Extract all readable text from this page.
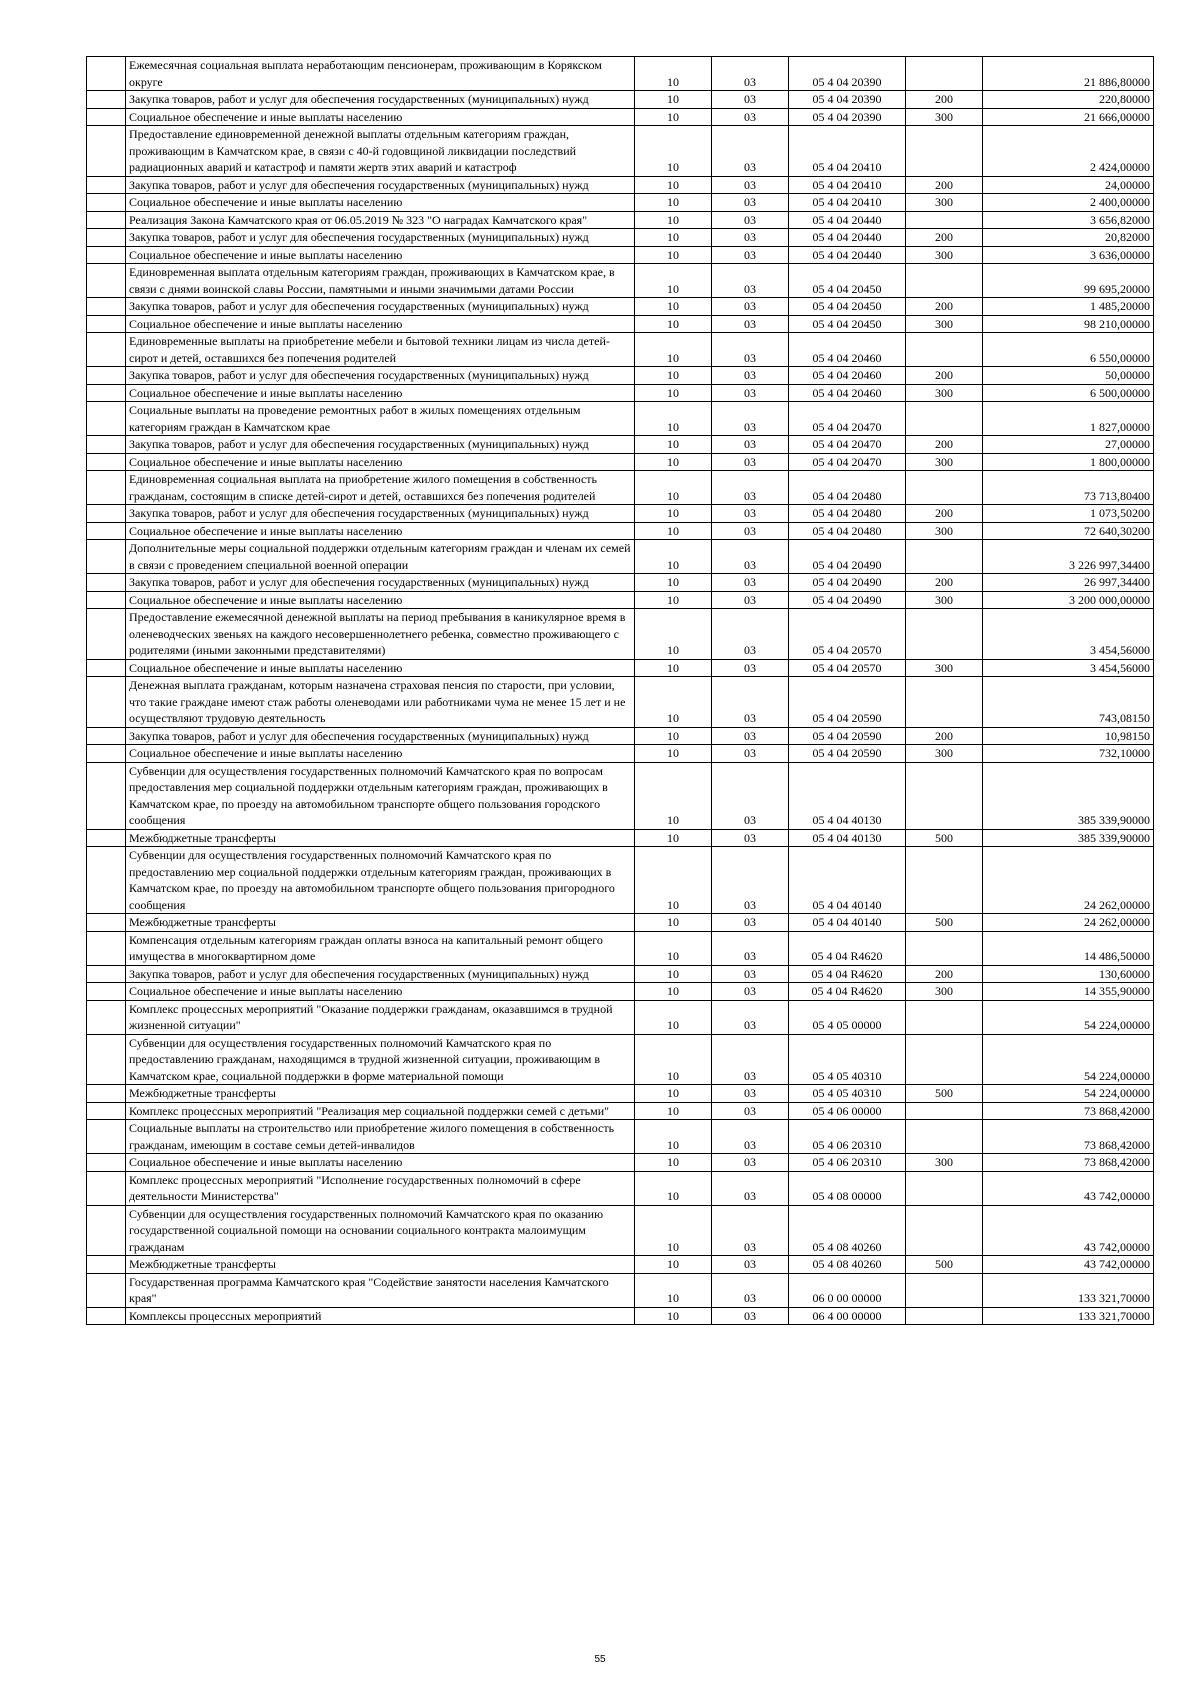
	Ежемесячная социальная выплата неработающим пенсионерам, проживающим в Корякском округе	10	03	05 4 04 20390		21 886,80000
	Закупка товаров, работ и услуг для обеспечения государственных (муниципальных) нужд	10	03	05 4 04 20390	200	220,80000
	Социальное обеспечение и иные выплаты населению	10	03	05 4 04 20390	300	21 666,00000
	Предоставление единовременной денежной выплаты отдельным категориям граждан, проживающим в Камчатском крае, в связи с 40-й годовщиной ликвидации последствий радиационных аварий и катастроф и памяти жертв этих аварий и катастроф	10	03	05 4 04 20410		2 424,00000
	Закупка товаров, работ и услуг для обеспечения государственных (муниципальных) нужд	10	03	05 4 04 20410	200	24,00000
	Социальное обеспечение и иные выплаты населению	10	03	05 4 04 20410	300	2 400,00000
	Реализация Закона Камчатского края от 06.05.2019 № 323 "О наградах Камчатского края"	10	03	05 4 04 20440		3 656,82000
	Закупка товаров, работ и услуг для обеспечения государственных (муниципальных) нужд	10	03	05 4 04 20440	200	20,82000
	Социальное обеспечение и иные выплаты населению	10	03	05 4 04 20440	300	3 636,00000
	Единовременная выплата отдельным категориям граждан, проживающих в Камчатском крае, в связи с днями воинской славы России, памятными и иными значимыми датами России	10	03	05 4 04 20450		99 695,20000
	Закупка товаров, работ и услуг для обеспечения государственных (муниципальных) нужд	10	03	05 4 04 20450	200	1 485,20000
	Социальное обеспечение и иные выплаты населению	10	03	05 4 04 20450	300	98 210,00000
	Единовременные выплаты на приобретение мебели и бытовой техники лицам из числа детей-сирот и детей, оставшихся без попечения родителей	10	03	05 4 04 20460		6 550,00000
	Закупка товаров, работ и услуг для обеспечения государственных (муниципальных) нужд	10	03	05 4 04 20460	200	50,00000
	Социальное обеспечение и иные выплаты населению	10	03	05 4 04 20460	300	6 500,00000
	Социальные выплаты на проведение ремонтных работ в жилых помещениях отдельным категориям граждан в Камчатском крае	10	03	05 4 04 20470		1 827,00000
	Закупка товаров, работ и услуг для обеспечения государственных (муниципальных) нужд	10	03	05 4 04 20470	200	27,00000
	Социальное обеспечение и иные выплаты населению	10	03	05 4 04 20470	300	1 800,00000
	Единовременная социальная выплата на приобретение жилого помещения в собственность гражданам, состоящим в списке детей-сирот и детей, оставшихся без попечения родителей	10	03	05 4 04 20480		73 713,80400
	Закупка товаров, работ и услуг для обеспечения государственных (муниципальных) нужд	10	03	05 4 04 20480	200	1 073,50200
	Социальное обеспечение и иные выплаты населению	10	03	05 4 04 20480	300	72 640,30200
	Дополнительные меры социальной поддержки отдельным категориям граждан и членам их семей в связи с проведением специальной военной операции	10	03	05 4 04 20490		3 226 997,34400
	Закупка товаров, работ и услуг для обеспечения государственных (муниципальных) нужд	10	03	05 4 04 20490	200	26 997,34400
	Социальное обеспечение и иные выплаты населению	10	03	05 4 04 20490	300	3 200 000,00000
	Предоставление ежемесячной денежной выплаты на период пребывания в каникулярное время в оленеводческих звеньях на каждого несовершеннолетнего ребенка, совместно проживающего с родителями (иными законными представителями)	10	03	05 4 04 20570		3 454,56000
	Социальное обеспечение и иные выплаты населению	10	03	05 4 04 20570	300	3 454,56000
	Денежная выплата гражданам, которым назначена страховая пенсия по старости, при условии, что такие граждане имеют стаж работы оленеводами или работниками чума не менее 15 лет и не осуществляют трудовую деятельность	10	03	05 4 04 20590		743,08150
	Закупка товаров, работ и услуг для обеспечения государственных (муниципальных) нужд	10	03	05 4 04 20590	200	10,98150
	Социальное обеспечение и иные выплаты населению	10	03	05 4 04 20590	300	732,10000
	Субвенции для осуществления государственных полномочий Камчатского края по вопросам предоставления мер социальной поддержки отдельным категориям граждан, проживающих в Камчатском крае, по проезду на автомобильном транспорте общего пользования городского сообщения	10	03	05 4 04 40130		385 339,90000
	Межбюджетные трансферты	10	03	05 4 04 40130	500	385 339,90000
	Субвенции для осуществления государственных полномочий Камчатского края по предоставлению мер социальной поддержки отдельным категориям граждан, проживающих в Камчатском крае, по проезду на автомобильном транспорте общего пользования пригородного сообщения	10	03	05 4 04 40140		24 262,00000
	Межбюджетные трансферты	10	03	05 4 04 40140	500	24 262,00000
	Компенсация отдельным категориям граждан оплаты взноса на капитальный ремонт общего имущества в многоквартирном доме	10	03	05 4 04 R4620		14 486,50000
	Закупка товаров, работ и услуг для обеспечения государственных (муниципальных) нужд	10	03	05 4 04 R4620	200	130,60000
	Социальное обеспечение и иные выплаты населению	10	03	05 4 04 R4620	300	14 355,90000
	Комплекс процессных мероприятий "Оказание поддержки гражданам, оказавшимся в трудной жизненной ситуации"	10	03	05 4 05 00000		54 224,00000
	Субвенции для осуществления государственных полномочий Камчатского края по предоставлению гражданам, находящимся в трудной жизненной ситуации, проживающим в Камчатском крае, социальной поддержки в форме материальной помощи	10	03	05 4 05 40310		54 224,00000
	Межбюджетные трансферты	10	03	05 4 05 40310	500	54 224,00000
	Комплекс процессных мероприятий "Реализация мер социальной поддержки семей с детьми"	10	03	05 4 06 00000		73 868,42000
	Социальные выплаты на строительство или приобретение жилого помещения в собственность гражданам, имеющим в составе семьи детей-инвалидов	10	03	05 4 06 20310		73 868,42000
	Социальное обеспечение и иные выплаты населению	10	03	05 4 06 20310	300	73 868,42000
	Комплекс процессных мероприятий "Исполнение государственных полномочий в сфере деятельности Министерства"	10	03	05 4 08 00000		43 742,00000
	Субвенции для осуществления государственных полномочий Камчатского края по оказанию государственной социальной помощи на основании социального контракта малоимущим гражданам	10	03	05 4 08 40260		43 742,00000
	Межбюджетные трансферты	10	03	05 4 08 40260	500	43 742,00000
	Государственная программа Камчатского края "Содействие занятости населения Камчатского края"	10	03	06 0 00 00000		133 321,70000
	Комплексы процессных мероприятий	10	03	06 4 00 00000		133 321,70000
55
